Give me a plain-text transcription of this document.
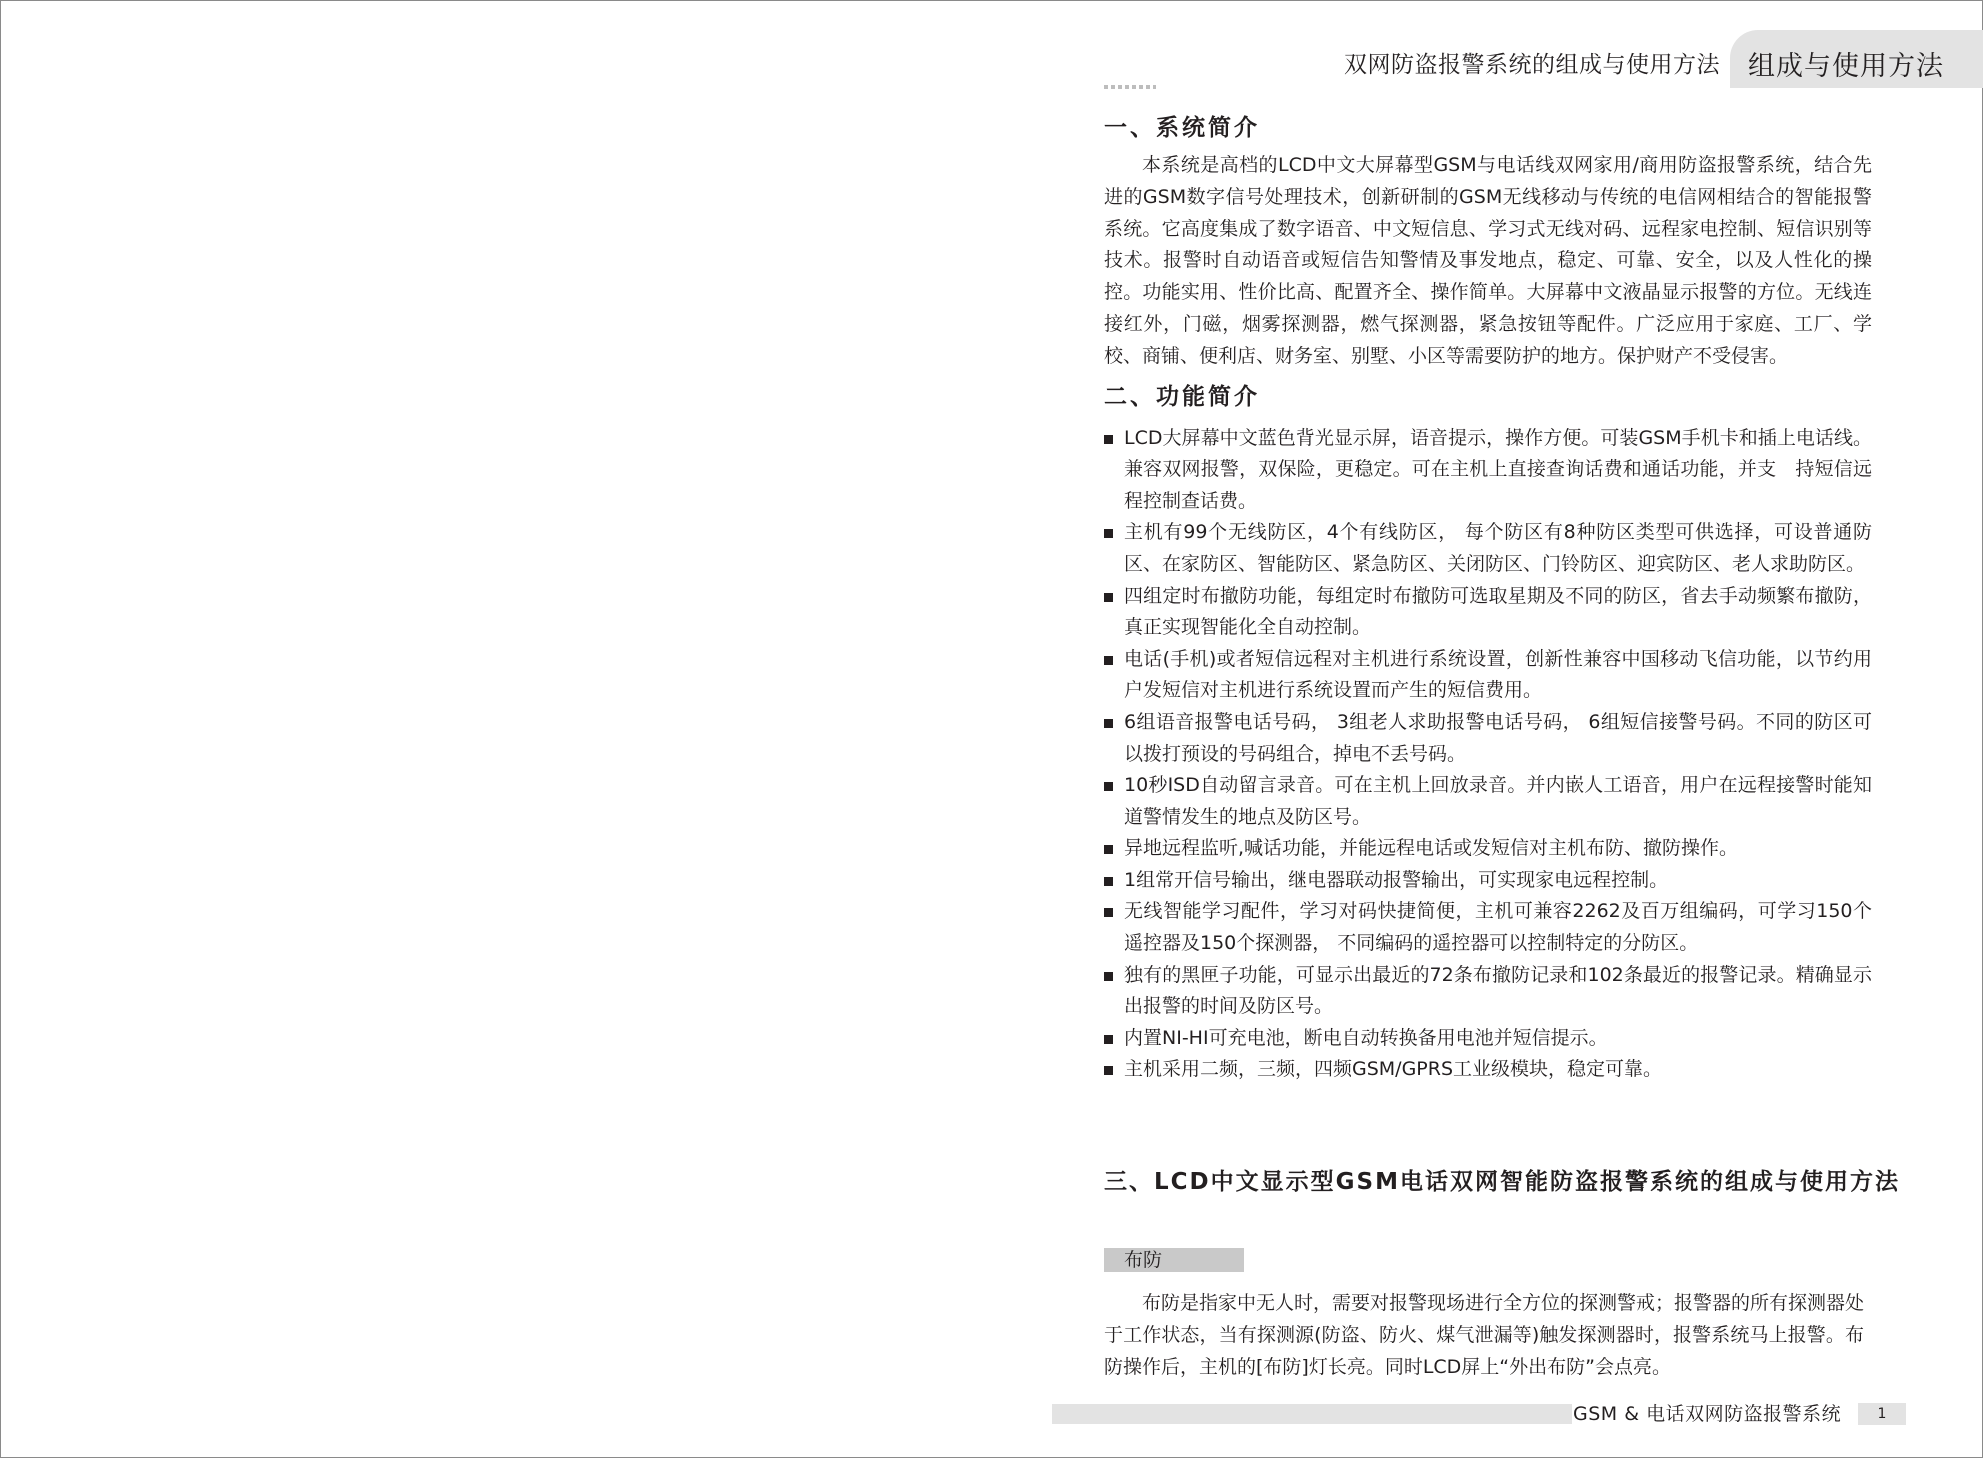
双网防盗报警系统的组成与使用方法 组成与使用方法
一、系统简介

本系统是高档的LCD中文大屏幕型GSM与电话线双网家用/商用防盗报警系统，结合先进的GSM数字信号处理技术，创新研制的GSM无线移动与传统的电信网相结合的智能报警系统。它高度集成了数字语音、中文短信息、学习式无线对码、远程家电控制、短信识别等技术。报警时自动语音或短信告知警情及事发地点，稳定、可靠、安全，以及人性化的操控。功能实用、性价比高、配置齐全、操作简单。大屏幕中文液晶显示报警的方位。无线连接红外，门磁，烟雾探测器，燃气探测器，紧急按钮等配件。广泛应用于家庭、工厂、学校、商铺、便利店、财务室、别墅、小区等需要防护的地方。保护财产不受侵害。

二、功能简介
LCD大屏幕中文蓝色背光显示屏，语音提示，操作方便。可装GSM手机卡和插上电话线。兼容双网报警，双保险，更稳定。可在主机上直接查询话费和通话功能，并支　持短信远程控制查话费。
主机有99个无线防区，4个有线防区， 每个防区有8种防区类型可供选择，可设普通防区、在家防区、智能防区、紧急防区、关闭防区、门铃防区、迎宾防区、老人求助防区。
四组定时布撤防功能，每组定时布撤防可选取星期及不同的防区，省去手动频繁布撤防，真正实现智能化全自动控制。
电话(手机)或者短信远程对主机进行系统设置，创新性兼容中国移动飞信功能，以节约用户发短信对主机进行系统设置而产生的短信费用。
6组语音报警电话号码， 3组老人求助报警电话号码， 6组短信接警号码。不同的防区可以拨打预设的号码组合，掉电不丢号码。
10秒ISD自动留言录音。可在主机上回放录音。并内嵌人工语音，用户在远程接警时能知道警情发生的地点及防区号。
异地远程监听,喊话功能，并能远程电话或发短信对主机布防、撤防操作。
1组常开信号输出，继电器联动报警输出，可实现家电远程控制。
无线智能学习配件，学习对码快捷简便，主机可兼容2262及百万组编码，可学习150个遥控器及150个探测器， 不同编码的遥控器可以控制特定的分防区。
独有的黑匣子功能，可显示出最近的72条布撤防记录和102条最近的报警记录。精确显示出报警的时间及防区号。
内置NI-HI可充电池，断电自动转换备用电池并短信提示。
主机采用二频，三频，四频GSM/GPRS工业级模块，稳定可靠。
三、LCD中文显示型GSM电话双网智能防盗报警系统的组成与使用方法
布防

布防是指家中无人时，需要对报警现场进行全方位的探测警戒；报警器的所有探测器处于工作状态，当有探测源(防盗、防火、煤气泄漏等)触发探测器时，报警系统马上报警。布防操作后，主机的[布防]灯长亮。同时LCD屏上“外出布防”会点亮。

GSM & 电话双网防盗报警系统	1
